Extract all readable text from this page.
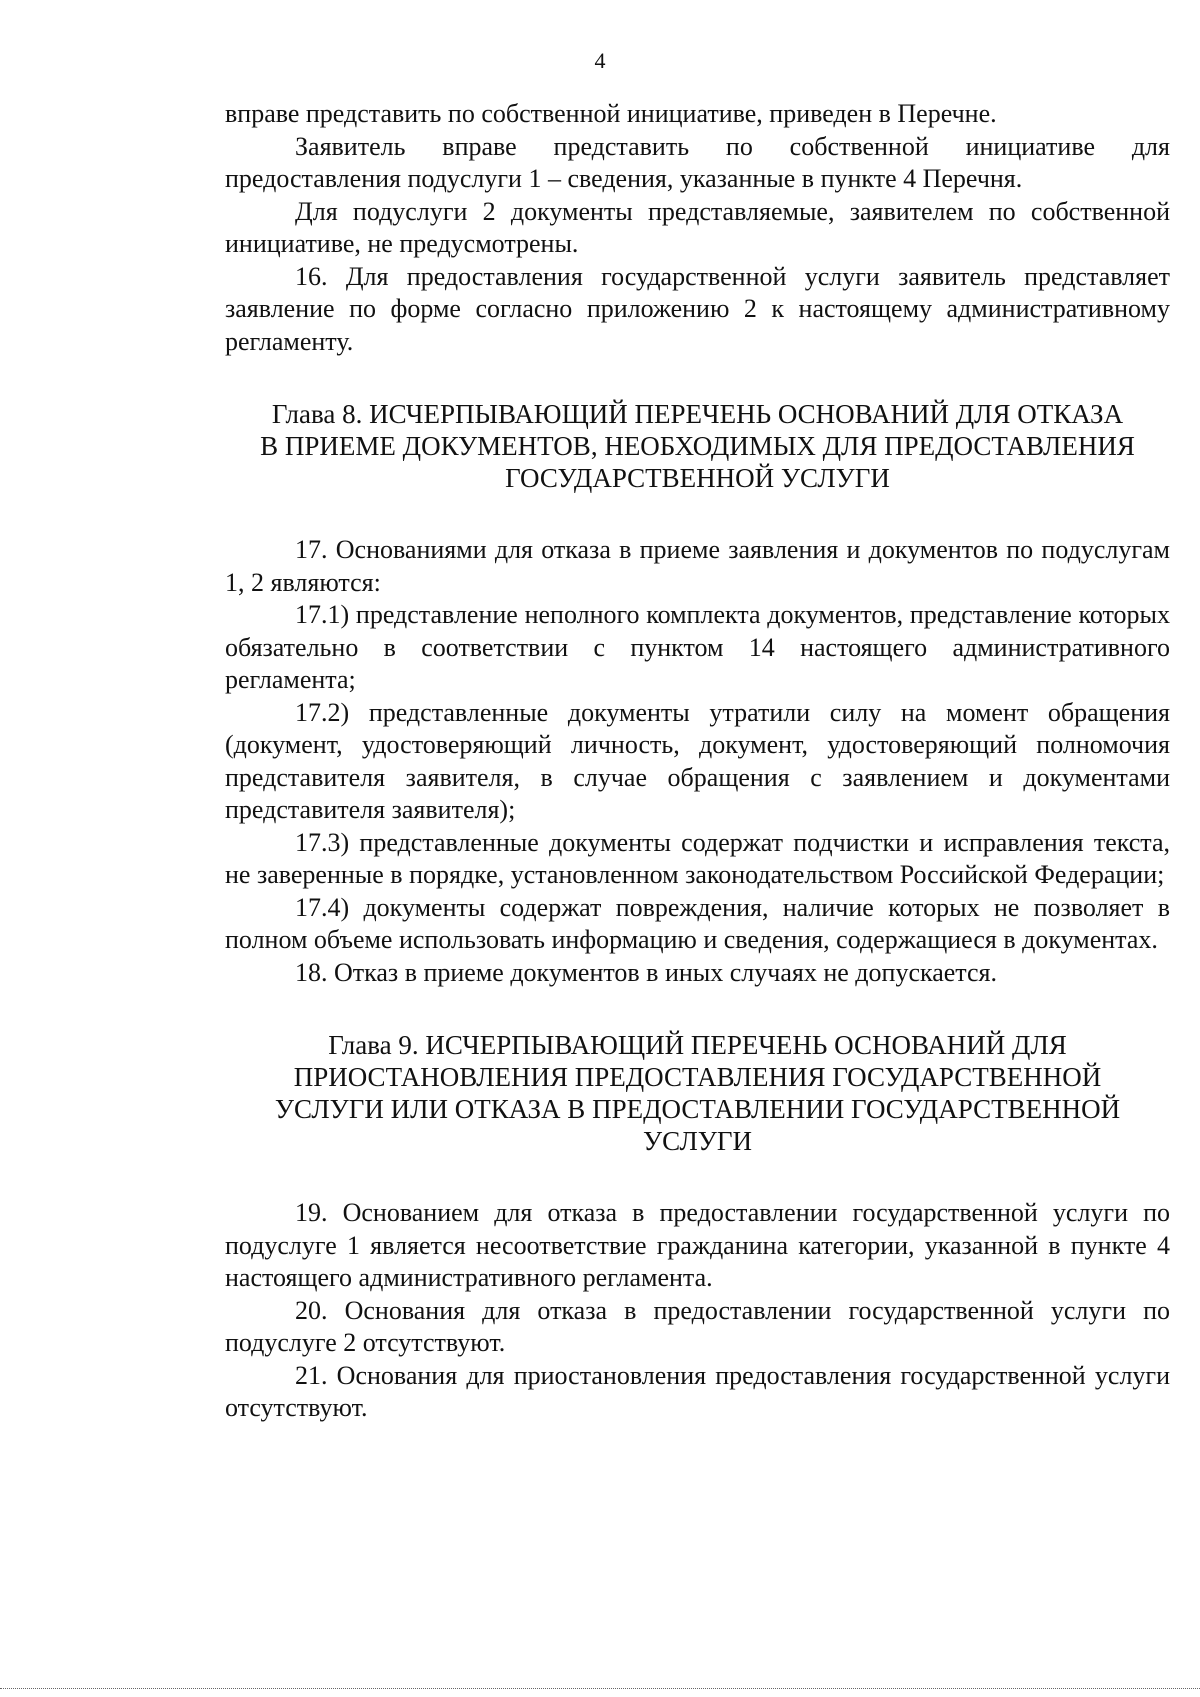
4

вправе представить по собственной инициативе, приведен в Перечне.

Заявитель вправе представить по собственной инициативе для предоставления подуслуги 1 – сведения, указанные в пункте 4 Перечня.

Для подуслуги 2 документы представляемые, заявителем по собственной инициативе, не предусмотрены.

16. Для предоставления государственной услуги заявитель представляет заявление по форме согласно приложению 2 к настоящему административному регламенту.

Глава 8. ИСЧЕРПЫВАЮЩИЙ ПЕРЕЧЕНЬ ОСНОВАНИЙ ДЛЯ ОТКАЗА
В ПРИЕМЕ ДОКУМЕНТОВ, НЕОБХОДИМЫХ ДЛЯ ПРЕДОСТАВЛЕНИЯ
ГОСУДАРСТВЕННОЙ УСЛУГИ

17. Основаниями для отказа в приеме заявления и документов по подуслугам 1, 2 являются:

17.1) представление неполного комплекта документов, представление которых обязательно в соответствии с пунктом 14 настоящего административного регламента;

17.2) представленные документы утратили силу на момент обращения (документ, удостоверяющий личность, документ, удостоверяющий полномочия представителя заявителя, в случае обращения с заявлением и документами представителя заявителя);

17.3) представленные документы содержат подчистки и исправления текста, не заверенные в порядке, установленном законодательством Российской Федерации;

17.4) документы содержат повреждения, наличие которых не позволяет в полном объеме использовать информацию и сведения, содержащиеся в документах.

18. Отказ в приеме документов в иных случаях не допускается.

Глава 9. ИСЧЕРПЫВАЮЩИЙ ПЕРЕЧЕНЬ ОСНОВАНИЙ ДЛЯ
ПРИОСТАНОВЛЕНИЯ ПРЕДОСТАВЛЕНИЯ ГОСУДАРСТВЕННОЙ
УСЛУГИ ИЛИ ОТКАЗА В ПРЕДОСТАВЛЕНИИ ГОСУДАРСТВЕННОЙ
УСЛУГИ

19. Основанием для отказа в предоставлении государственной услуги по подуслуге 1 является несоответствие гражданина категории, указанной в пункте 4 настоящего административного регламента.

20. Основания для отказа в предоставлении государственной услуги по подуслуге 2 отсутствуют.

21. Основания для приостановления предоставления государственной услуги отсутствуют.
